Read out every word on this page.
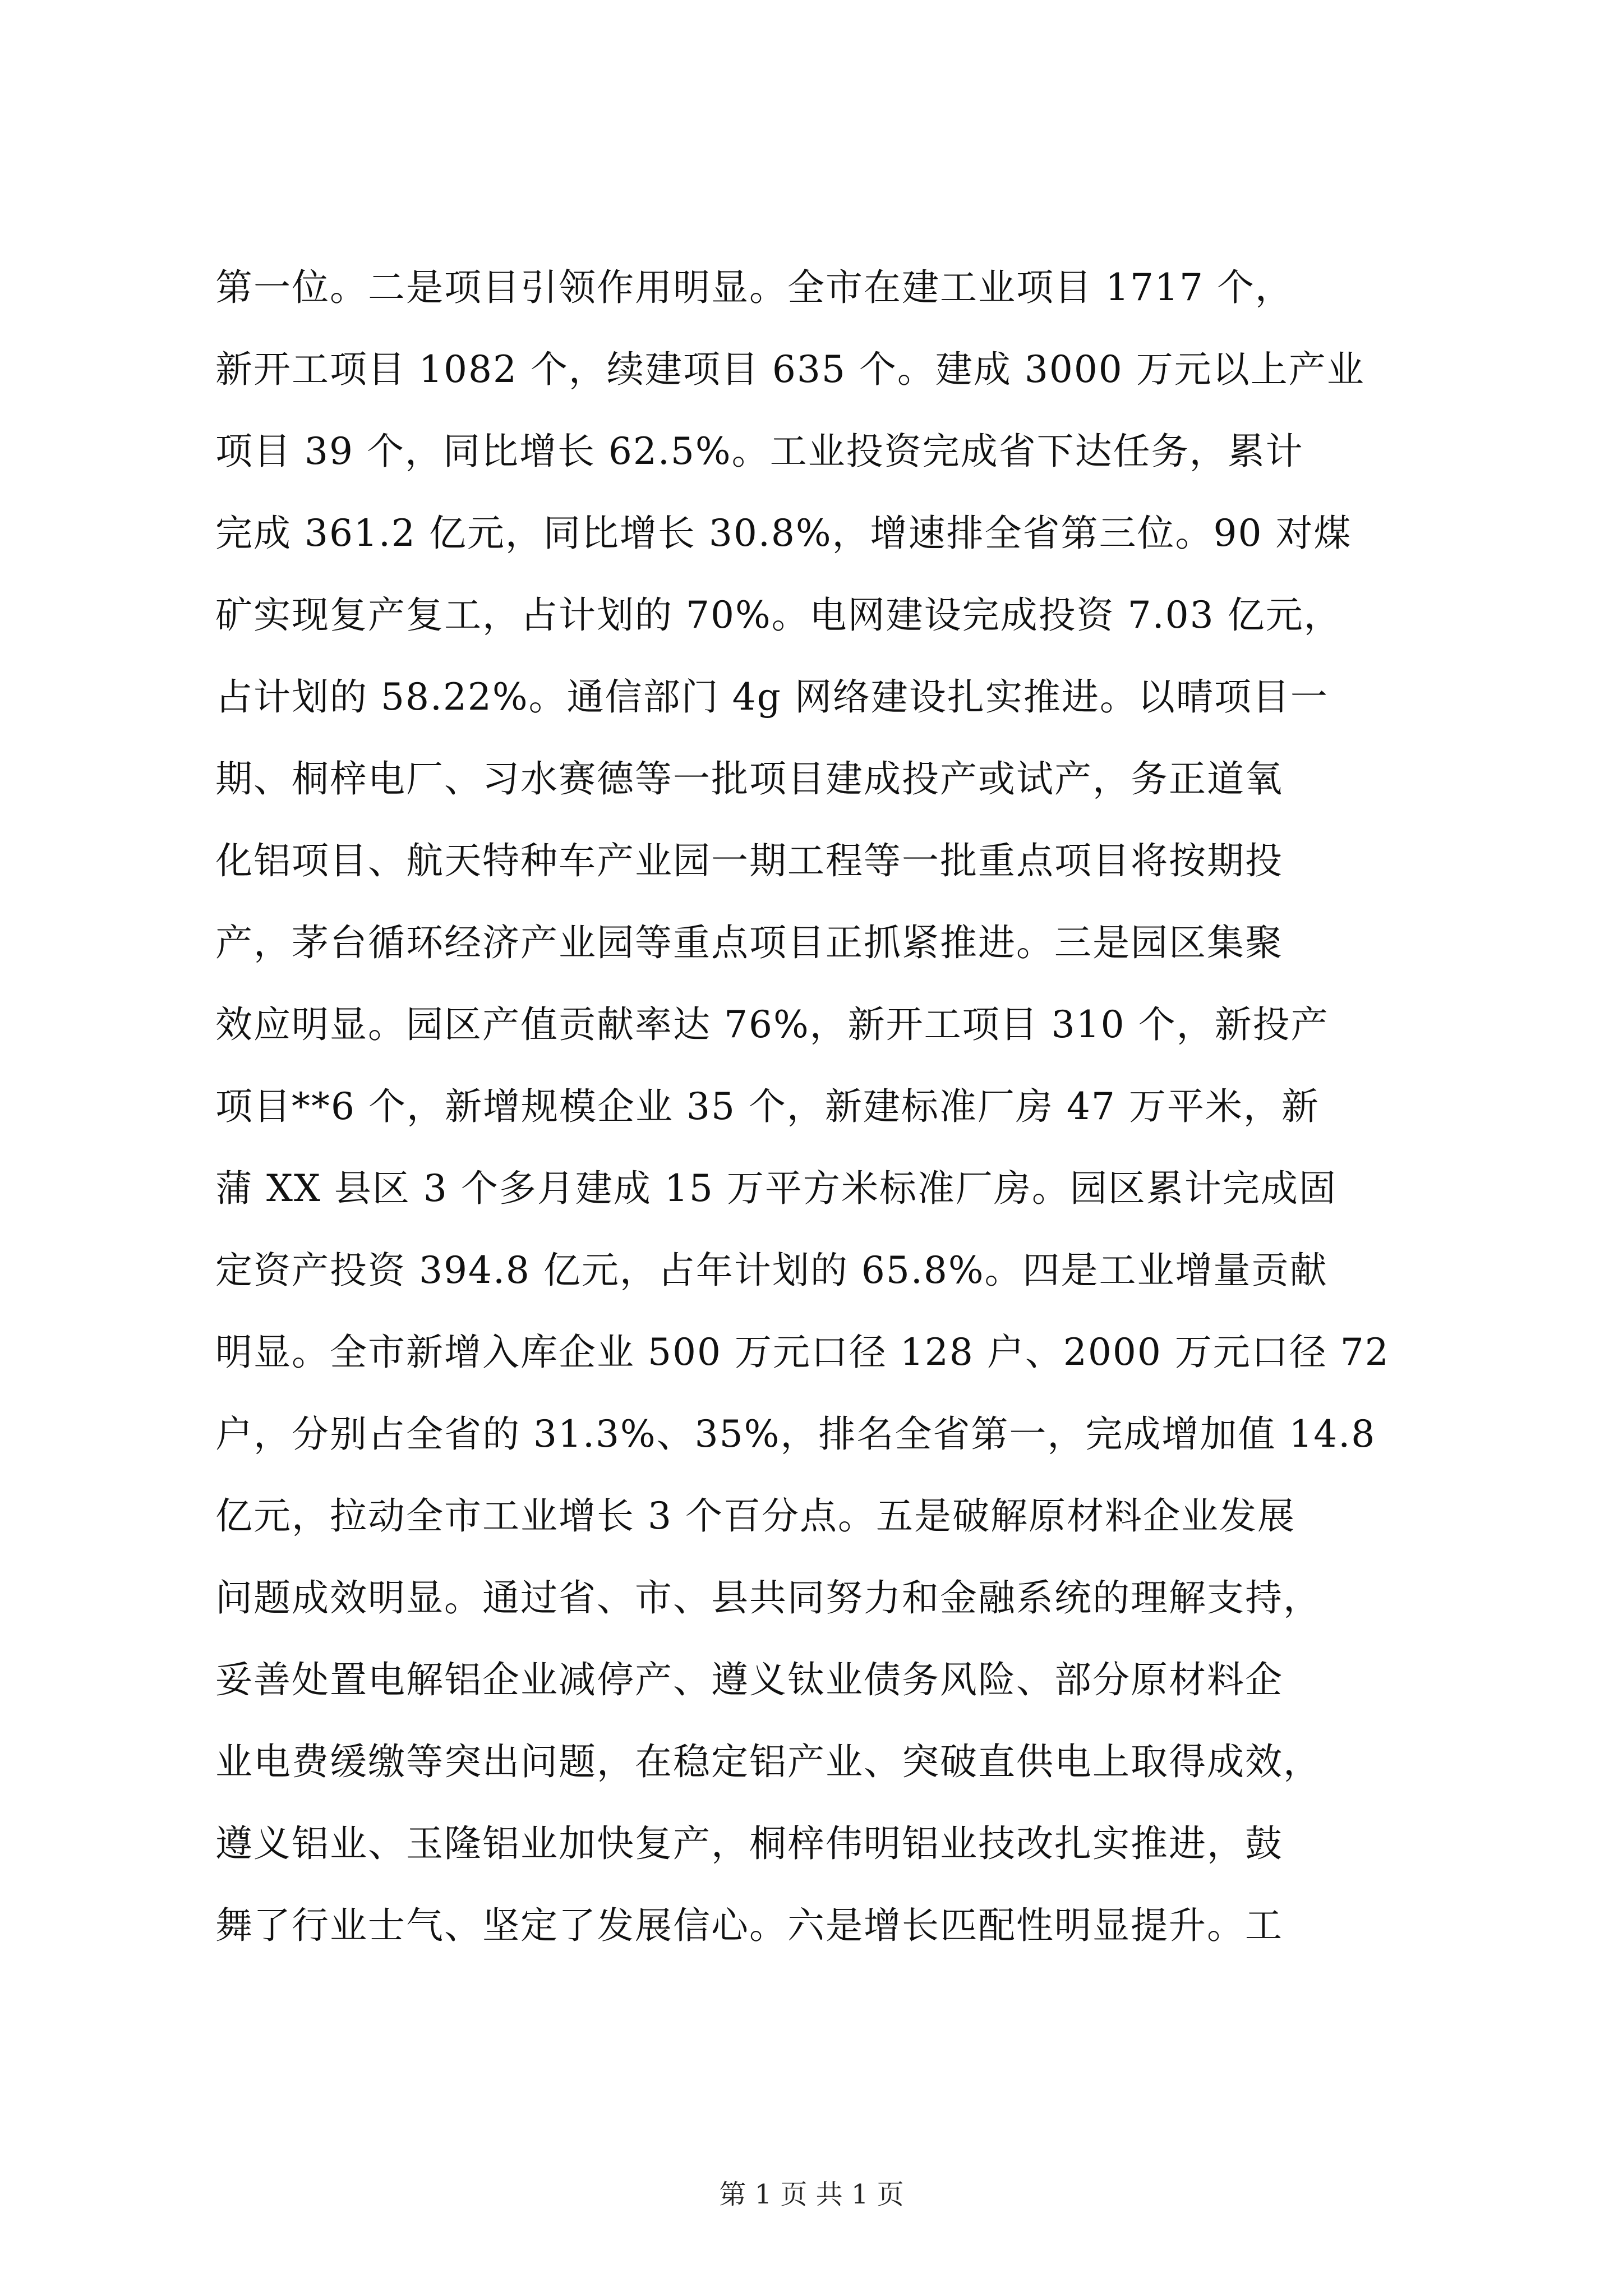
第一位。二是项目引领作用明显。全市在建工业项目 1717 个，
新开工项目 1082 个，续建项目 635 个。建成 3000 万元以上产业
项目 39 个，同比增长 62.5%。工业投资完成省下达任务，累计
完成 361.2 亿元，同比增长 30.8%，增速排全省第三位。90 对煤
矿实现复产复工，占计划的 70%。电网建设完成投资 7.03 亿元，
占计划的 58.22%。通信部门 4g 网络建设扎实推进。以晴项目一
期、桐梓电厂、习水赛德等一批项目建成投产或试产，务正道氧
化铝项目、航天特种车产业园一期工程等一批重点项目将按期投
产，茅台循环经济产业园等重点项目正抓紧推进。三是园区集聚
效应明显。园区产值贡献率达 76%，新开工项目 310 个，新投产
项目**6 个，新增规模企业 35 个，新建标准厂房 47 万平米，新
蒲 XX 县区 3 个多月建成 15 万平方米标准厂房。园区累计完成固
定资产投资 394.8 亿元，占年计划的 65.8%。四是工业增量贡献
明显。全市新增入库企业 500 万元口径 128 户、2000 万元口径 72
户，分别占全省的 31.3%、35%，排名全省第一，完成增加值 14.8
亿元，拉动全市工业增长 3 个百分点。五是破解原材料企业发展
问题成效明显。通过省、市、县共同努力和金融系统的理解支持，
妥善处置电解铝企业减停产、遵义钛业债务风险、部分原材料企
业电费缓缴等突出问题，在稳定铝产业、突破直供电上取得成效，
遵义铝业、玉隆铝业加快复产，桐梓伟明铝业技改扎实推进，鼓
舞了行业士气、坚定了发展信心。六是增长匹配性明显提升。工
第 1 页 共 1 页
